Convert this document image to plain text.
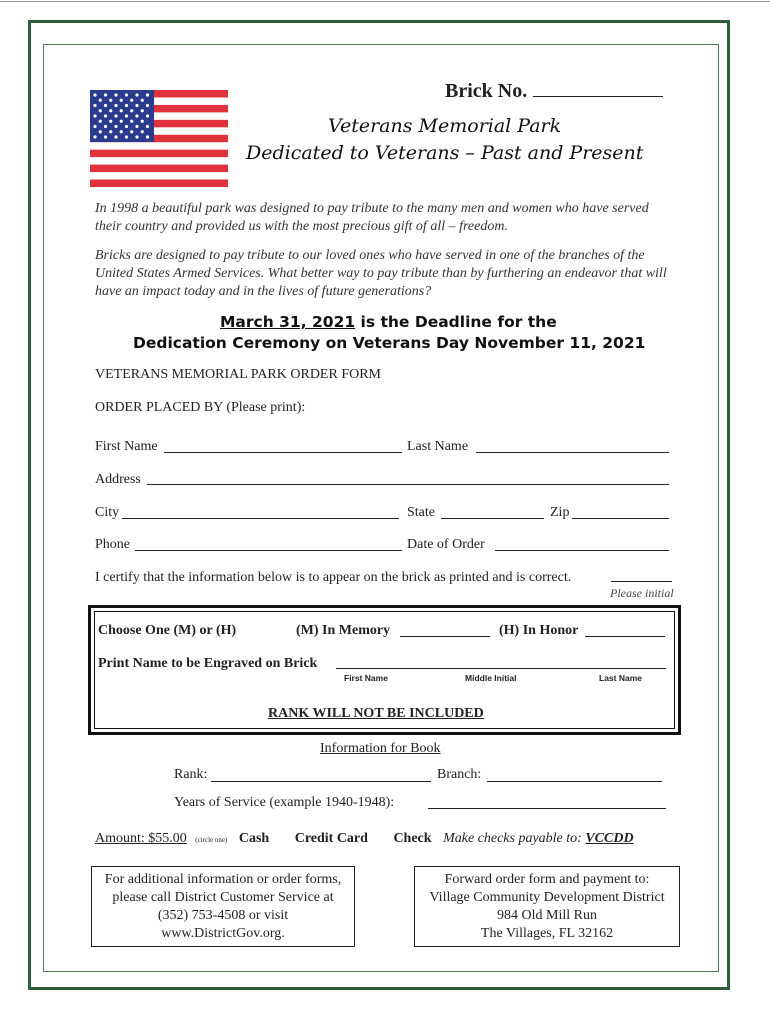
Brick No.
Veterans Memorial Park
Dedicated to Veterans – Past and Present
In 1998 a beautiful park was designed to pay tribute to the many men and women who have served their country and provided us with the most precious gift of all – freedom.
Bricks are designed to pay tribute to our loved ones who have served in one of the branches of the United States Armed Services. What better way to pay tribute than by furthering an endeavor that will have an impact today and in the lives of future generations?
March 31, 2021 is the Deadline for the
Dedication Ceremony on Veterans Day November 11, 2021
VETERANS MEMORIAL PARK ORDER FORM
ORDER PLACED BY (Please print):
First Name	Last Name
Address
City	State	Zip
Phone	Date of Order
I certify that the information below is to appear on the brick as printed and is correct.
Please initial
Choose One (M) or (H)	(M) In Memory	(H) In Honor
Print Name to be Engraved on Brick
First Name	Middle Initial	Last Name
RANK WILL NOT BE INCLUDED
Information for Book
Rank:	Branch:
Years of Service (example 1940-1948):
Amount: $55.00 (circle one) Cash Credit Card Check Make checks payable to: VCCDD
For additional information or order forms,
please call District Customer Service at
(352) 753-4508 or visit
www.DistrictGov.org.
Forward order form and payment to:
Village Community Development District
984 Old Mill Run
The Villages, FL 32162
